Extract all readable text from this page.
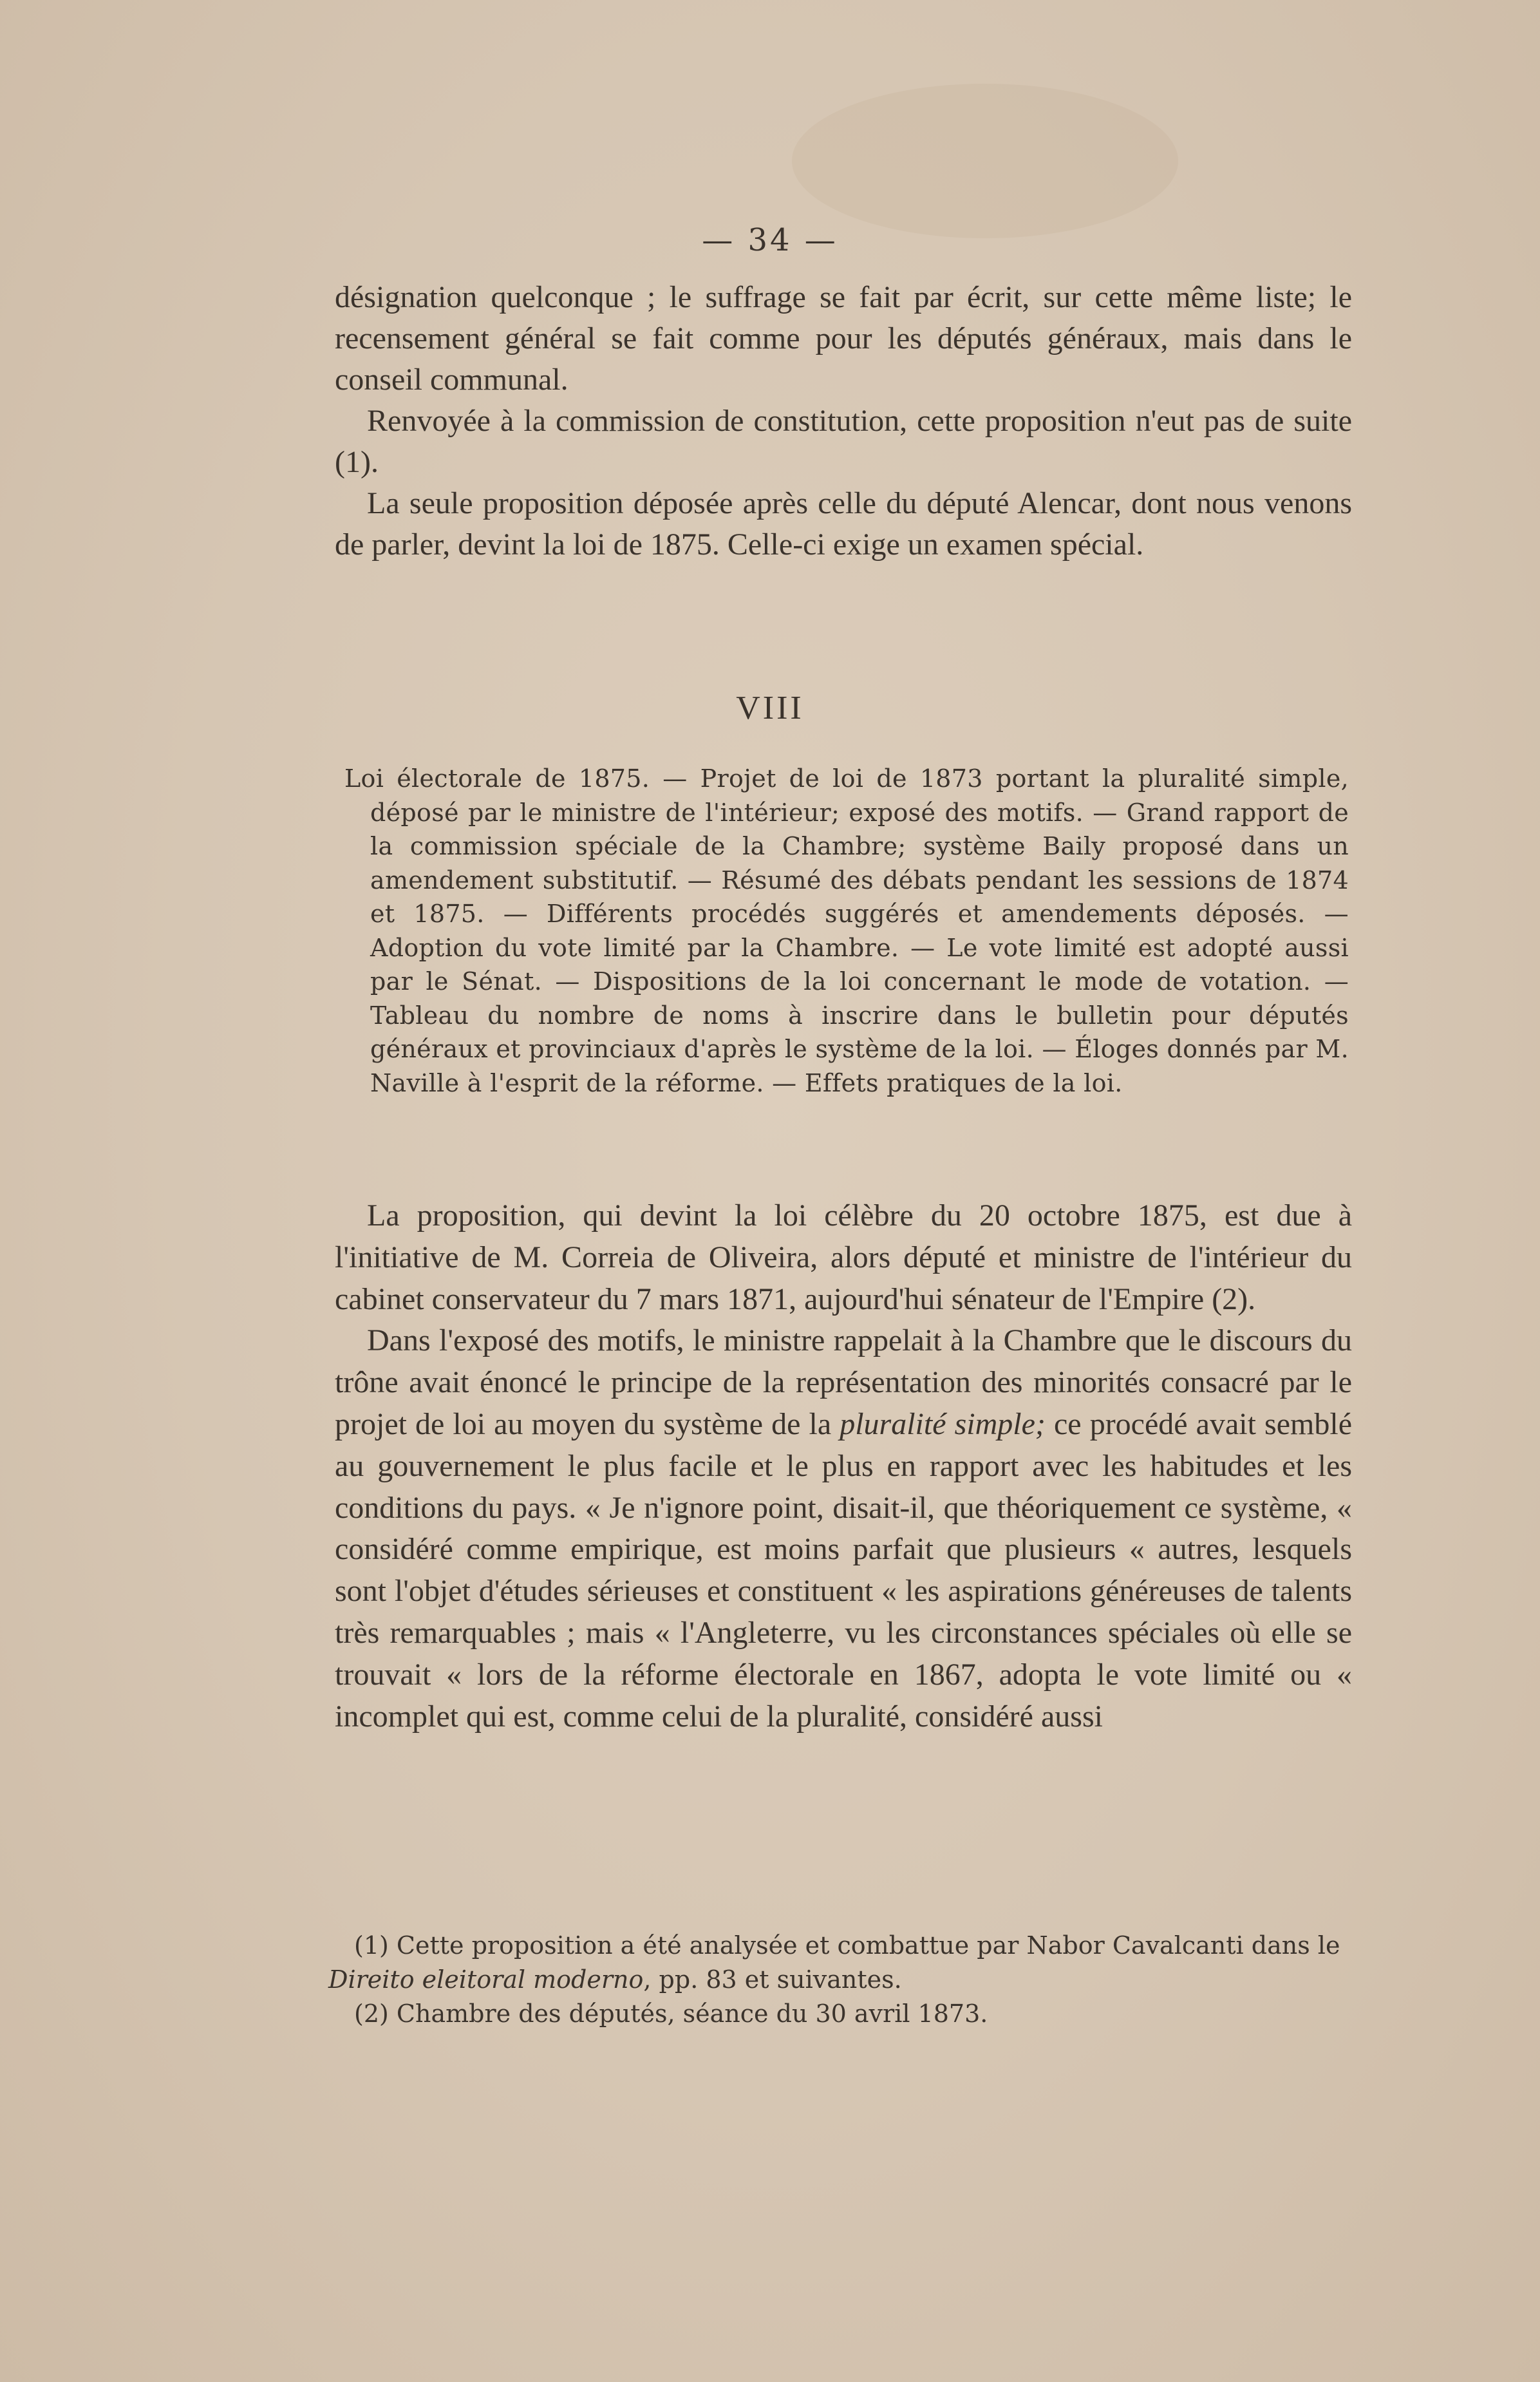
— 34 —

désignation quelconque ; le suffrage se fait par écrit, sur cette même liste; le recensement général se fait comme pour les députés généraux, mais dans le conseil communal.

Renvoyée à la commission de constitution, cette proposition n'eut pas de suite (1).

La seule proposition déposée après celle du député Alencar, dont nous venons de parler, devint la loi de 1875. Celle-ci exige un examen spécial.

VIII

Loi électorale de 1875. — Projet de loi de 1873 portant la pluralité simple, déposé par le ministre de l'intérieur; exposé des motifs. — Grand rapport de la commission spéciale de la Chambre; système Baily proposé dans un amendement substitutif. — Résumé des débats pendant les sessions de 1874 et 1875. — Différents procédés suggérés et amendements déposés. — Adoption du vote limité par la Chambre. — Le vote limité est adopté aussi par le Sénat. — Dispositions de la loi concernant le mode de votation. — Tableau du nombre de noms à inscrire dans le bulletin pour députés généraux et provinciaux d'après le système de la loi. — Éloges donnés par M. Naville à l'esprit de la réforme. — Effets pratiques de la loi.

La proposition, qui devint la loi célèbre du 20 octobre 1875, est due à l'initiative de M. Correia de Oliveira, alors député et ministre de l'intérieur du cabinet conservateur du 7 mars 1871, aujourd'hui sénateur de l'Empire (2).

Dans l'exposé des motifs, le ministre rappelait à la Chambre que le discours du trône avait énoncé le principe de la représentation des minorités consacré par le projet de loi au moyen du système de la pluralité simple; ce procédé avait semblé au gouvernement le plus facile et le plus en rapport avec les habitudes et les conditions du pays. « Je n'ignore point, disait-il, que théoriquement ce système, « considéré comme empirique, est moins parfait que plusieurs « autres, lesquels sont l'objet d'études sérieuses et constituent « les aspirations généreuses de talents très remarquables ; mais « l'Angleterre, vu les circonstances spéciales où elle se trouvait « lors de la réforme électorale en 1867, adopta le vote limité ou « incomplet qui est, comme celui de la pluralité, considéré aussi

(1) Cette proposition a été analysée et combattue par Nabor Cavalcanti dans le Direito eleitoral moderno, pp. 83 et suivantes.

(2) Chambre des députés, séance du 30 avril 1873.
